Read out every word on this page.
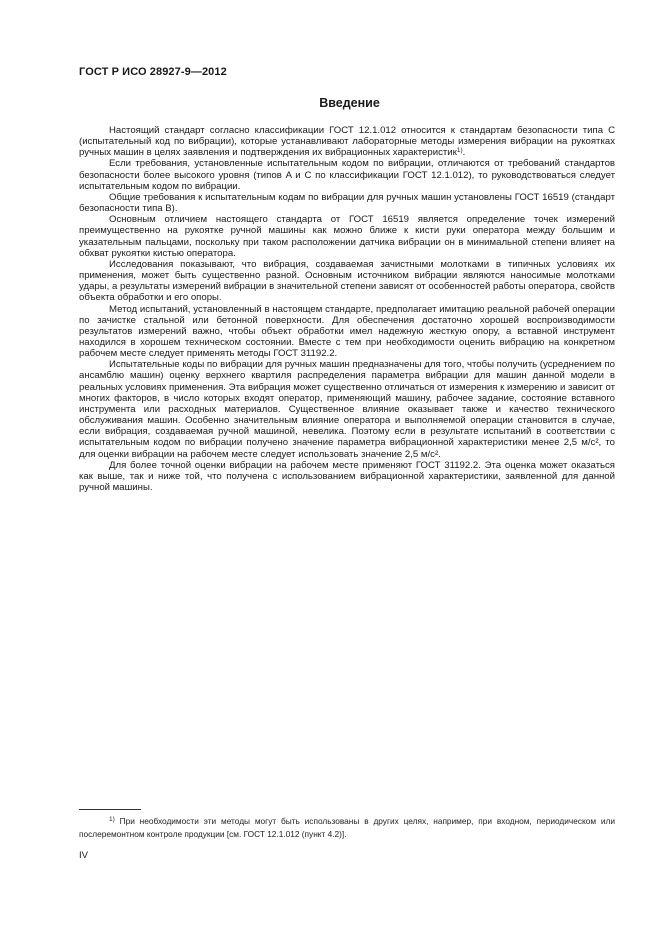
ГОСТ Р ИСО 28927-9—2012
Введение

Настоящий стандарт согласно классификации ГОСТ 12.1.012 относится к стандартам безопасности типа C (испытательный код по вибрации), которые устанавливают лабораторные методы измерения вибрации на рукоятках ручных машин в целях заявления и подтверждения их вибрационных характеристик$^{1)}$.

Если требования, установленные испытательным кодом по вибрации, отличаются от требований стандартов безопасности более высокого уровня (типов A и C по классификации ГОСТ 12.1.012), то руководствоваться следует испытательным кодом по вибрации.

Общие требования к испытательным кодам по вибрации для ручных машин установлены ГОСТ 16519 (стандарт безопасности типа B).

Основным отличием настоящего стандарта от ГОСТ 16519 является определение точек измерений преимущественно на рукоятке ручной машины как можно ближе к кисти руки оператора между большим и указательным пальцами, поскольку при таком расположении датчика вибрации он в минимальной степени влияет на обхват рукоятки кистью оператора.

Исследования показывают, что вибрация, создаваемая зачистными молотками в типичных условиях их применения, может быть существенно разной. Основным источником вибрации являются наносимые молотками удары, а результаты измерений вибрации в значительной степени зависят от особенностей работы оператора, свойств объекта обработки и его опоры.

Метод испытаний, установленный в настоящем стандарте, предполагает имитацию реальной рабочей операции по зачистке стальной или бетонной поверхности. Для обеспечения достаточно хорошей воспроизводимости результатов измерений важно, чтобы объект обработки имел надежную жесткую опору, а вставной инструмент находился в хорошем техническом состоянии. Вместе с тем при необходимости оценить вибрацию на конкретном рабочем месте следует применять методы ГОСТ 31192.2.

Испытательные коды по вибрации для ручных машин предназначены для того, чтобы получить (усреднением по ансамблю машин) оценку верхнего квартиля распределения параметра вибрации для машин данной модели в реальных условиях применения. Эта вибрация может существенно отличаться от измерения к измерению и зависит от многих факторов, в число которых входят оператор, применяющий машину, рабочее задание, состояние вставного инструмента или расходных материалов. Существенное влияние оказывает также и качество технического обслуживания машин. Особенно значительным влияние оператора и выполняемой операции становится в случае, если вибрация, создаваемая ручной машиной, невелика. Поэтому если в результате испытаний в соответствии с испытательным кодом по вибрации получено значение параметра вибрационной характеристики менее 2,5 м/с², то для оценки вибрации на рабочем месте следует использовать значение 2,5 м/с².

Для более точной оценки вибрации на рабочем месте применяют ГОСТ 31192.2. Эта оценка может оказаться как выше, так и ниже той, что получена с использованием вибрационной характеристики, заявленной для данной ручной машины.

$^{1)}$ При необходимости эти методы могут быть использованы в других целях, например, при входном, периодическом или послеремонтном контроле продукции [см. ГОСТ 12.1.012 (пункт 4.2)].
IV
